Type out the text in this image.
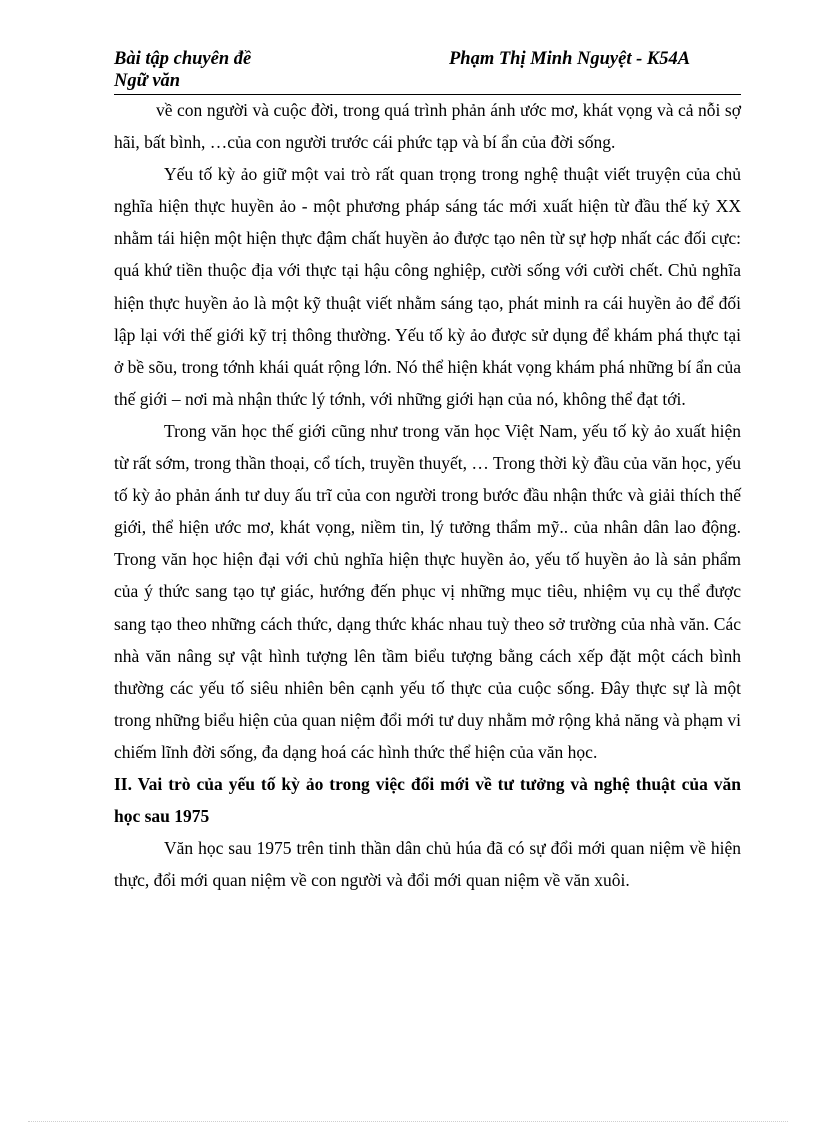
Bài tập chuyên đề
Ngữ văn
Phạm Thị Minh Nguyệt - K54A

về con người và cuộc đời, trong quá trình phản ánh ước mơ, khát vọng và cả nỗi sợ hãi, bất bình, …của con người trước cái phức tạp và bí ẩn của đời sống.

Yếu tố kỳ ảo giữ một vai trò rất quan trọng trong nghệ thuật viết truyện của chủ nghĩa hiện thực huyền ảo - một phương pháp sáng tác mới xuất hiện từ đầu thế kỷ XX nhằm tái hiện một hiện thực đậm chất huyền ảo được tạo nên từ sự hợp nhất các đối cực: quá khứ tiền thuộc địa với thực tại hậu công nghiệp, cười sống với cười chết. Chủ nghĩa hiện thực huyền ảo là một kỹ thuật viết nhằm sáng tạo, phát minh ra cái huyền ảo để đối lập lại với thế giới kỹ trị thông thường. Yếu tố kỳ ảo được sử dụng để khám phá thực tại ở bề sõu, trong tớnh khái quát rộng lớn. Nó thể hiện khát vọng khám phá những bí ẩn của thế giới – nơi mà nhận thức lý tớnh, với những giới hạn của nó, không thể đạt tới.

Trong văn học thế giới cũng như trong văn học Việt Nam, yếu tố kỳ ảo xuất hiện từ rất sớm, trong thần thoại, cổ tích, truyền thuyết, … Trong thời kỳ đầu của văn học, yếu tố kỳ ảo phản ánh tư duy ấu trĩ của con người trong bước đầu nhận thức và giải thích thế giới, thể hiện ước mơ, khát vọng, niềm tin, lý tưởng thẩm mỹ.. của nhân dân lao động. Trong văn học hiện đại với chủ nghĩa hiện thực huyền ảo, yếu tố huyền ảo là sản phẩm của ý thức sang tạo tự giác, hướng đến phục vị những mục tiêu, nhiệm vụ cụ thể được sang tạo theo những cách thức, dạng thức khác nhau tuỳ theo sở trường của nhà văn. Các nhà văn nâng sự vật hình tượng lên tầm biểu tượng bằng cách xếp đặt một cách bình thường các yếu tố siêu nhiên bên cạnh yếu tố thực của cuộc sống. Đây thực sự là một trong những biểu hiện của quan niệm đổi mới tư duy nhằm mở rộng khả năng và phạm vi chiếm lĩnh đời sống, đa dạng hoá các hình thức thể hiện của văn học.

II. Vai trò của yếu tố kỳ ảo trong việc đổi mới về tư tưởng và nghệ thuật của văn học sau 1975

Văn học sau 1975 trên tinh thần dân chủ húa đã có sự đổi mới quan niệm về hiện thực, đổi mới quan niệm về con người và đổi mới quan niệm về văn xuôi.
